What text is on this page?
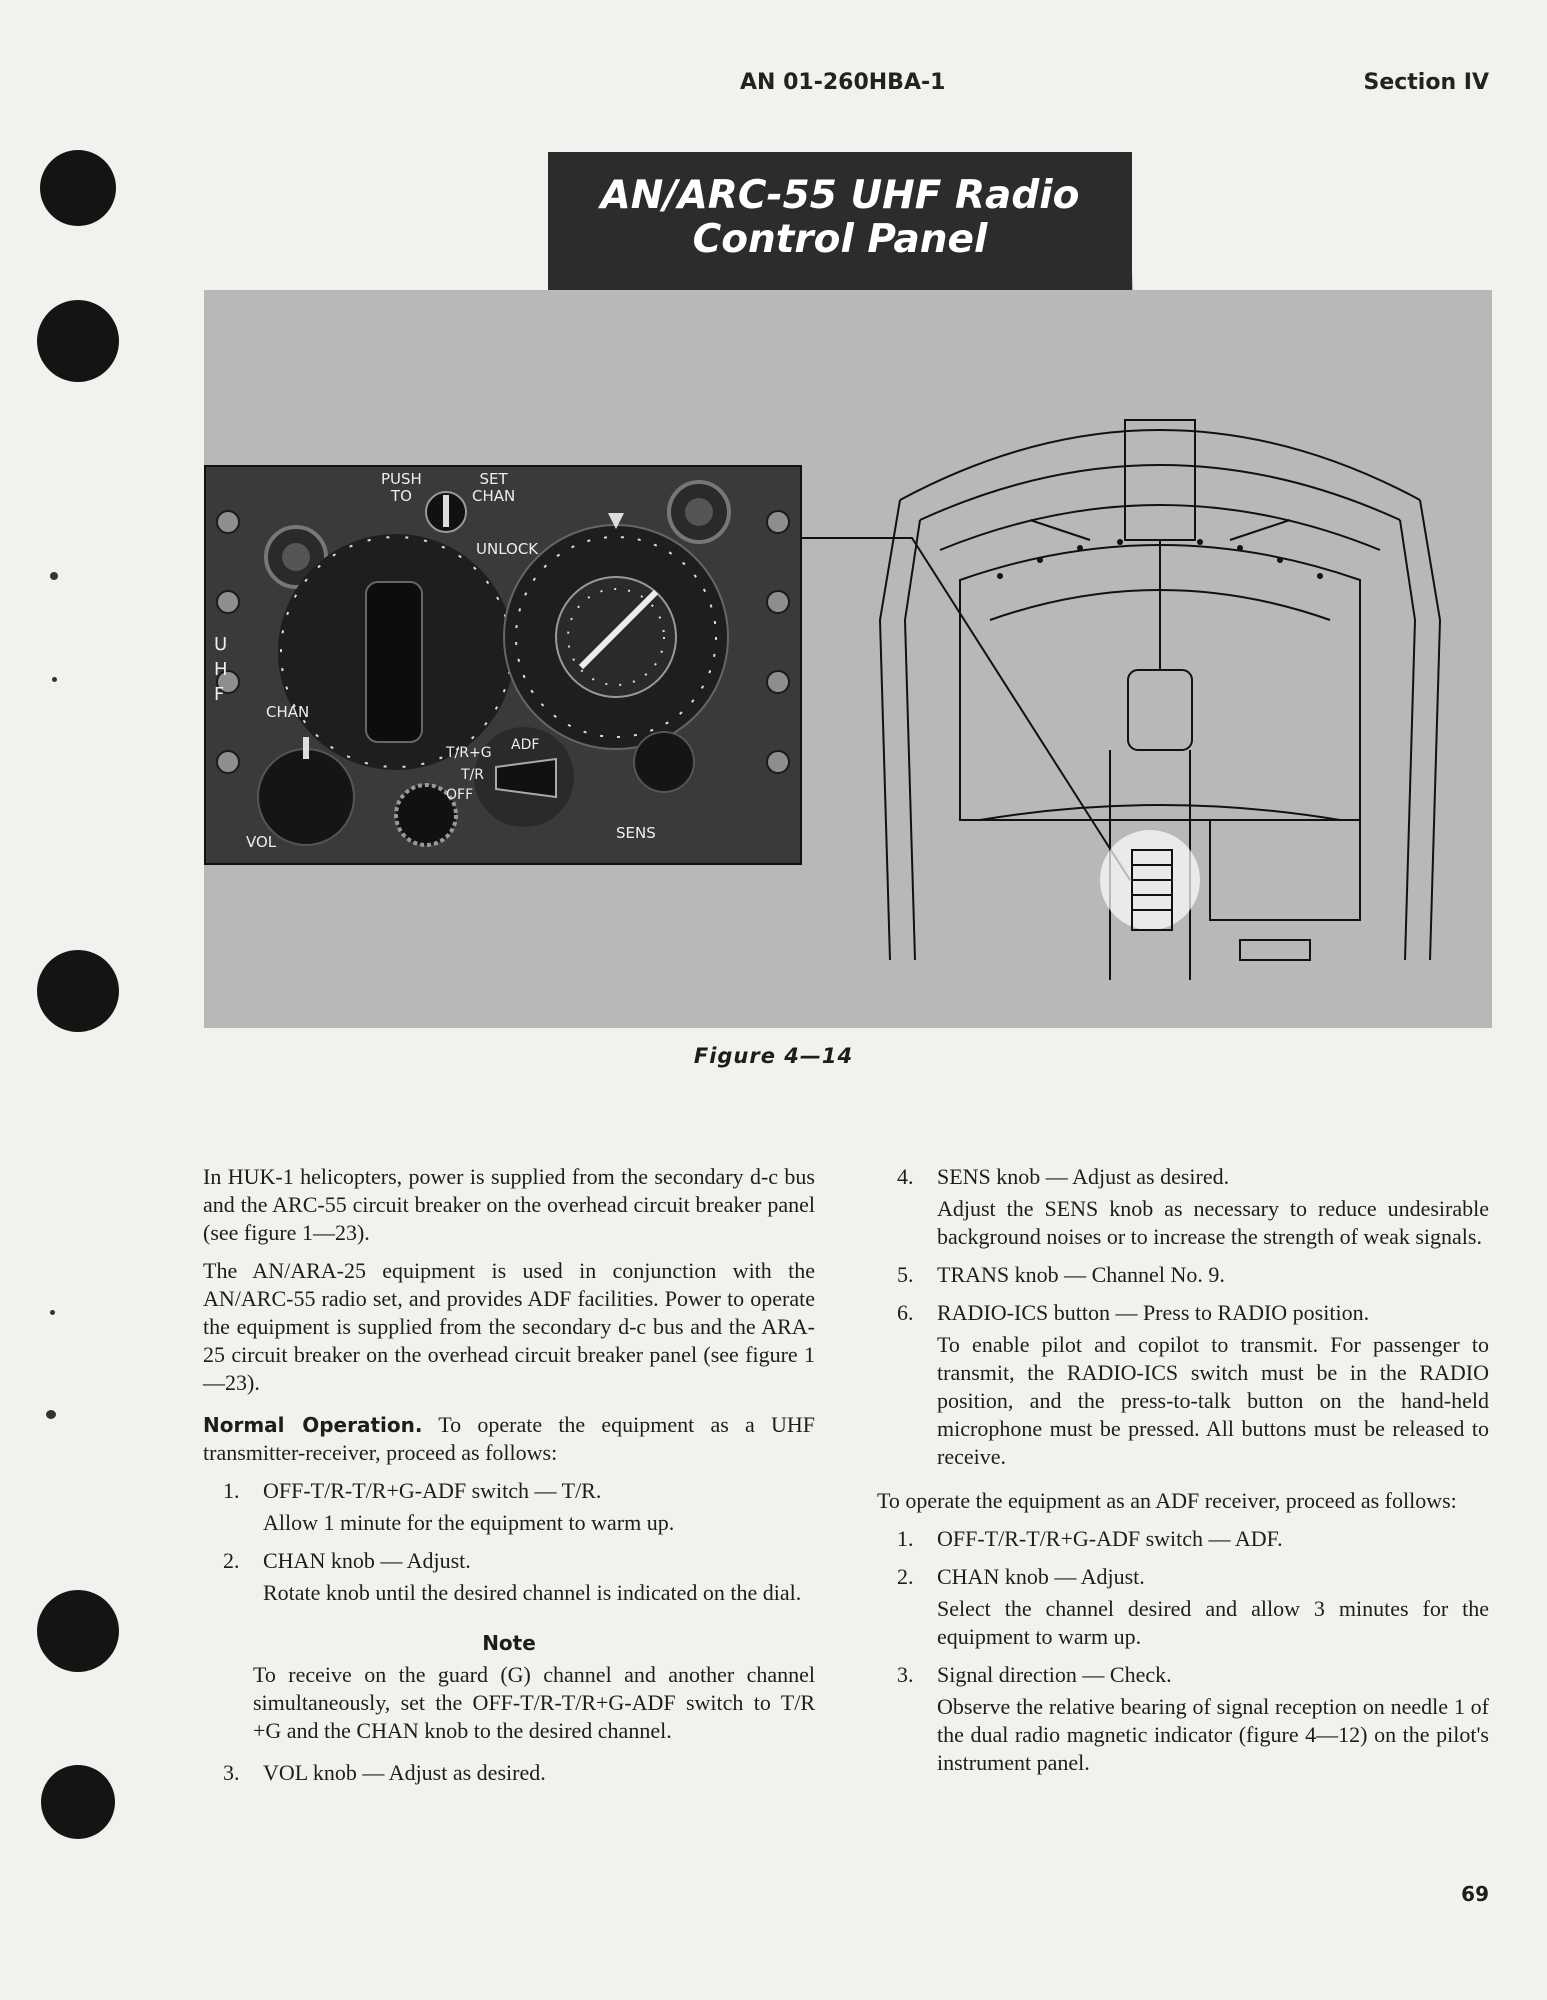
AN 01-260HBA-1	Section IV
AN/ARC-55 UHF Radio
Control Panel
PUSH
TO
SET
CHAN
UNLOCK
U
H
F
CHAN
T/R+G ADF
T/R
OFF
VOL	SENS
Figure 4—14

In HUK-1 helicopters, power is supplied from the secondary d-c bus and the ARC-55 circuit breaker on the overhead circuit breaker panel (see figure 1—23).

The AN/ARA-25 equipment is used in conjunction with the AN/ARC-55 radio set, and provides ADF facilities. Power to operate the equipment is supplied from the secondary d-c bus and the ARA-25 circuit breaker on the overhead circuit breaker panel (see figure 1—23).

Normal Operation. To operate the equipment as a UHF transmitter-receiver, proceed as follows:

1. OFF-T/R-T/R+G-ADF switch — T/R.
Allow 1 minute for the equipment to warm up.
2. CHAN knob — Adjust.
Rotate knob until the desired channel is indicated on the dial.
Note
To receive on the guard (G) channel and another channel simultaneously, set the OFF-T/R-T/R+G-ADF switch to T/R +G and the CHAN knob to the desired channel.
3. VOL knob — Adjust as desired.
4. SENS knob — Adjust as desired.
Adjust the SENS knob as necessary to reduce undesirable background noises or to increase the strength of weak signals.
5. TRANS knob — Channel No. 9.
6. RADIO-ICS button — Press to RADIO position.
To enable pilot and copilot to transmit. For passenger to transmit, the RADIO-ICS switch must be in the RADIO position, and the press-to-talk button on the hand-held microphone must be pressed. All buttons must be released to receive.

To operate the equipment as an ADF receiver, proceed as follows:

1. OFF-T/R-T/R+G-ADF switch — ADF.
2. CHAN knob — Adjust.
Select the channel desired and allow 3 minutes for the equipment to warm up.
3. Signal direction — Check.
Observe the relative bearing of signal reception on needle 1 of the dual radio magnetic indicator (figure 4—12) on the pilot's instrument panel.
69
